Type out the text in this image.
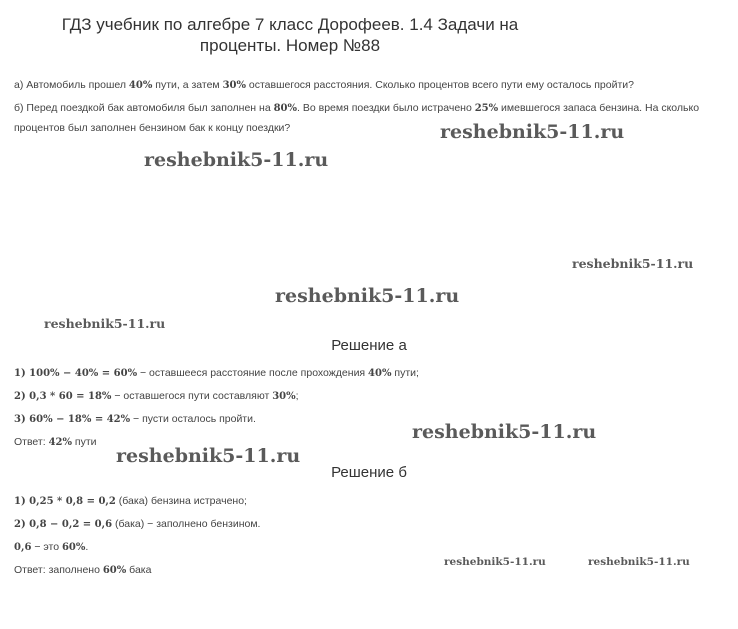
ГДЗ учебник по алгебре 7 класс Дорофеев. 1.4 Задачи на проценты. Номер №88
а) Автомобиль прошел 40% пути, а затем 30% оставшегося расстояния. Сколько процентов всего пути ему осталось пройти?
б) Перед поездкой бак автомобиля был заполнен на 80%. Во время поездки было истрачено 25% имевшегося запаса бензина. На сколько
процентов был заполнен бензином бак к концу поездки?
Решение а
1) 100% − 40% = 60% − оставшееся расстояние после прохождения 40% пути;
2) 0,3 * 60 = 18% − оставшегося пути составляют 30%;
3) 60% − 18% = 42% − пусти осталось пройти.
Ответ: 42% пути
Решение б
1) 0,25 * 0,8 = 0,2 (бака) бензина истрачено;
2) 0,8 − 0,2 = 0,6 (бака) − заполнено бензином.
0,6 − это 60%.
Ответ: заполнено 60% бака
reshebnik5-11.ru
reshebnik5-11.ru
reshebnik5-11.ru
reshebnik5-11.ru
reshebnik5-11.ru
reshebnik5-11.ru
reshebnik5-11.ru
reshebnik5-11.ru	reshebnik5-11.ru
